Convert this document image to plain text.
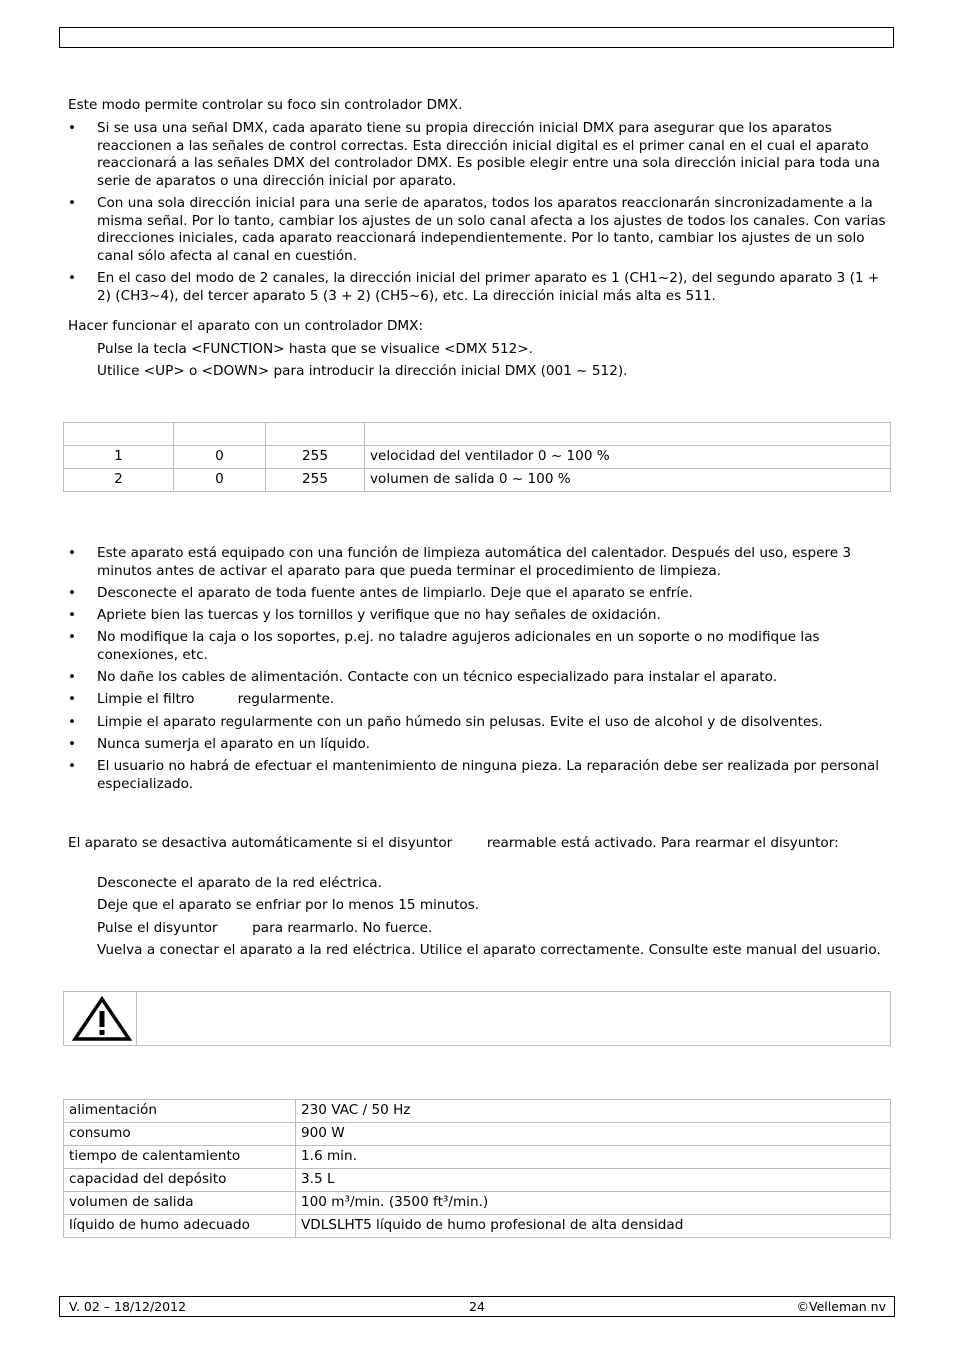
Este modo permite controlar su foco sin controlador DMX.
• Si se usa una señal DMX, cada aparato tiene su propia dirección inicial DMX para asegurar que los aparatos reaccionen a las señales de control correctas. Esta dirección inicial digital es el primer canal en el cual el aparato reaccionará a las señales DMX del controlador DMX. Es posible elegir entre una sola dirección inicial para toda una serie de aparatos o una dirección inicial por aparato.
• Con una sola dirección inicial para una serie de aparatos, todos los aparatos reaccionarán sincronizadamente a la misma señal. Por lo tanto, cambiar los ajustes de un solo canal afecta a los ajustes de todos los canales. Con varias direcciones iniciales, cada aparato reaccionará independientemente. Por lo tanto, cambiar los ajustes de un solo canal sólo afecta al canal en cuestión.
• En el caso del modo de 2 canales, la dirección inicial del primer aparato es 1 (CH1~2), del segundo aparato 3 (1 + 2) (CH3~4), del tercer aparato 5 (3 + 2) (CH5~6), etc. La dirección inicial más alta es 511.
Hacer funcionar el aparato con un controlador DMX:
Pulse la tecla <FUNCTION> hasta que se visualice <DMX 512>.
Utilice <UP> o <DOWN> para introducir la dirección inicial DMX (001 ~ 512).

1	0	255	velocidad del ventilador 0 ~ 100 %
2	0	255	volumen de salida 0 ~ 100 %
• Este aparato está equipado con una función de limpieza automática del calentador. Después del uso, espere 3 minutos antes de activar el aparato para que pueda terminar el procedimiento de limpieza.
• Desconecte el aparato de toda fuente antes de limpiarlo. Deje que el aparato se enfríe.
• Apriete bien las tuercas y los tornillos y verifique que no hay señales de oxidación.
• No modifique la caja o los soportes, p.ej. no taladre agujeros adicionales en un soporte o no modifique las conexiones, etc.
• No dañe los cables de alimentación. Contacte con un técnico especializado para instalar el aparato.
• Limpie el filtro          regularmente.
• Limpie el aparato regularmente con un paño húmedo sin pelusas. Evite el uso de alcohol y de disolventes.
• Nunca sumerja el aparato en un líquido.
• El usuario no habrá de efectuar el mantenimiento de ninguna pieza. La reparación debe ser realizada por personal especializado.
El aparato se desactiva automáticamente si el disyuntor        rearmable está activado. Para rearmar el disyuntor:
Desconecte el aparato de la red eléctrica.
Deje que el aparato se enfriar por lo menos 15 minutos.
Pulse el disyuntor        para rearmarlo. No fuerce.
Vuelva a conectar el aparato a la red eléctrica. Utilice el aparato correctamente. Consulte este manual del usuario.
alimentación	230 VAC / 50 Hz
consumo	900 W
tiempo de calentamiento	1.6 min.
capacidad del depósito	3.5 L
volumen de salida	100 m³/min. (3500 ft³/min.)
líquido de humo adecuado	VDLSLHT5 líquido de humo profesional de alta densidad
V. 02 – 18/12/2012	24	©Velleman nv
